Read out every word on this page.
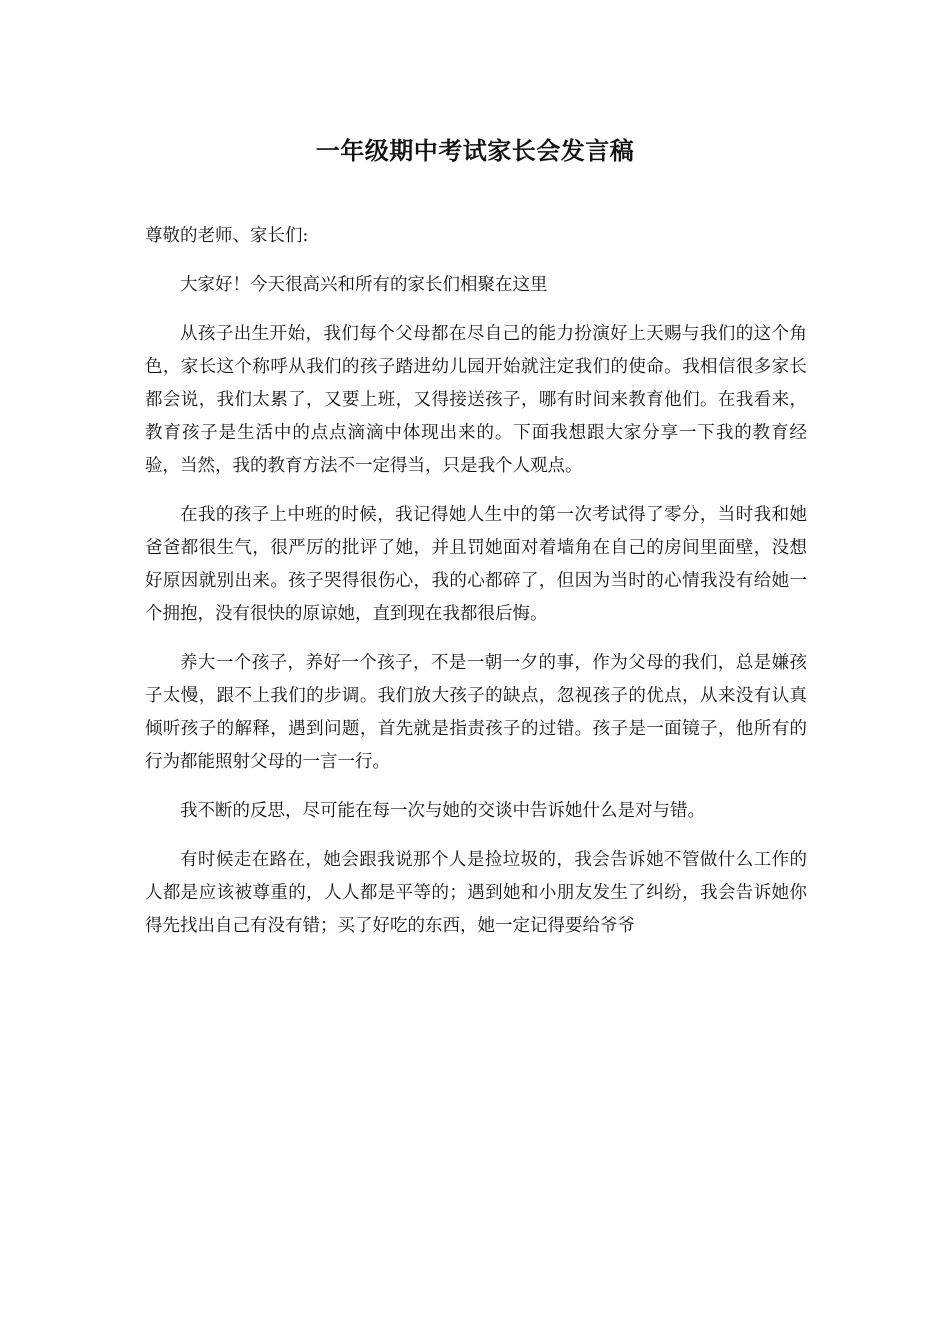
一年级期中考试家长会发言稿

尊敬的老师、家长们:

大家好！今天很高兴和所有的家长们相聚在这里

从孩子出生开始，我们每个父母都在尽自己的能力扮演好上天赐与我们的这个角色，家长这个称呼从我们的孩子踏进幼儿园开始就注定我们的使命。我相信很多家长都会说，我们太累了，又要上班，又得接送孩子，哪有时间来教育他们。在我看来，教育孩子是生活中的点点滴滴中体现出来的。下面我想跟大家分享一下我的教育经验，当然，我的教育方法不一定得当，只是我个人观点。

在我的孩子上中班的时候，我记得她人生中的第一次考试得了零分，当时我和她爸爸都很生气，很严厉的批评了她，并且罚她面对着墙角在自己的房间里面壁，没想好原因就别出来。孩子哭得很伤心，我的心都碎了，但因为当时的心情我没有给她一个拥抱，没有很快的原谅她，直到现在我都很后悔。

养大一个孩子，养好一个孩子，不是一朝一夕的事，作为父母的我们，总是嫌孩子太慢，跟不上我们的步调。我们放大孩子的缺点，忽视孩子的优点，从来没有认真倾听孩子的解释，遇到问题，首先就是指责孩子的过错。孩子是一面镜子，他所有的行为都能照射父母的一言一行。

我不断的反思，尽可能在每一次与她的交谈中告诉她什么是对与错。

有时候走在路在，她会跟我说那个人是捡垃圾的，我会告诉她不管做什么工作的人都是应该被尊重的，人人都是平等的；遇到她和小朋友发生了纠纷，我会告诉她你得先找出自己有没有错；买了好吃的东西，她一定记得要给爷爷
